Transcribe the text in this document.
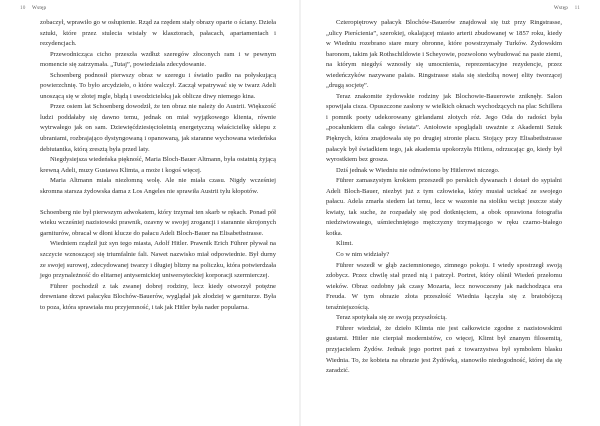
10 Wstęp

zobaczył, wprawiło go w osłupienie. Rząd za rzędem stały obrazy oparte o ściany. Dzieła sztuki, które przez stulecia wisiały w klasztorach, pałacach, apartamentach i rezydencjach.

Przewodnicząca cicho przeszła wzdłuż szeregów złoconych ram i w pewnym momencie się zatrzymała. „Tutaj”, powiedziała zdecydowanie.

Schoenberg podnosił pierwszy obraz w szeregu i światło padło na połyskującą powierzchnię. To było arcydzieło, o które walczył. Zaczął wpatrywać się w twarz Adeli unoszącą się w złotej mgle, błądą i uwodzicielską jak oblicze diwy niemego kina.

Przez osiem lat Schoenberg dowodził, że ten obraz nie należy do Austrii. Większość ludzi poddałaby się dawno temu, jednak on miał wyjątkowego klienta, równie wytrwałego jak on sam. Dziewięćdziesięcioletnią energetyczną właścicielkę sklepu z ubraniami, rozbrajająco dystyngowaną i opanowaną, jak staranne wychowana wiedeńska debiutantka, którą zresztą była przed laty.

Niegdysiejsza wiedeńska piękność, Maria Bloch-Bauer Altmann, była ostatnią żyjącą krewną Adeli, muzy Gustawa Klimta, a może i kogoś więcej.

Maria Altmann miała niezłomną wolę. Ale nie miała czasu. Nigdy wcześniej skromna starsza żydowska dama z Los Angeles nie sprawiła Austrii tylu kłopotów.

Schoenberg nie był pierwszym adwokatem, który trzymał ten skarb w rękach. Ponad pół wieku wcześniej nazistowski prawnik, ozavny w swojej zrogancji i starannie skrojonych garniturów, obracał w dłoni klucze do pałacu Adeli Bloch-Bauer na Elisabethstrasse.

Wiedniem rządził już syn tego miasta, Adolf Hitler. Prawnik Erich Führer pływał na szczycie wznoszącej się triumfalnie fali. Nawet nazwisko miał odpowiednie. Był durny ze swojej surowej, zdecydowanej twarzy i długiej blizny na policzku, która potwierdzała jego przynależność do elitarnej antysemickiej uniwersyteckiej korporacji szermierczej.

Führer pochodził z tak zwanej dobrej rodziny, lecz kiedy otworzył potężne drewniane drzwi pałacyku Blochów-Bauerów, wyglądał jak złodziej w garniturze. Była to poza, która sprawiała mu przyjemność, i tak jak Hitler była nader popularna.

Wstęp 11

Czteropiętrowy pałacyk Blochów-Bauerów znajdował się tuż przy Ringstrasse, „ulicy Pierścienia”, szerokiej, okalającej miasto arterii zbudowanej w 1857 roku, kiedy w Wiedniu rozebrano stare mury obronne, które powstrzymały Turków. Żydowskim baronom, takim jak Rothschildowie i Scheyowie, pozwolono wybudować na pasie ziemi, na którym niegdyś wznosiły się umocnienia, reprezentacyjne rezydencje, przez wiedeńczyków nazywane palais. Ringstrasse stała się siedzibą nowej elity tworzącej „drugą socjetę”.

Teraz znakomite żydowskie rodziny jak Blochowie-Bauerowie zniknęły. Salon spowijała cisza. Opuszczone zasłony w wielkich oknach wychodzących na plac Schillera i pomnik poety udekorowany girlandami złotych róż. Jego Oda do radości była „pocałunkiem dla całego świata”. Aniołowie spoglądali uważnie z Akademii Sztuk Pięknych, która znajdowała się po drugiej stronie placu. Stojący przy Elisabethstrasse pałacyk był świadkiem tego, jak akademia upokorzyła Hitlera, odrzucając go, kiedy był wyrostkiem bez grosza.

Dziś jednak w Wiedniu nie odmówiono by Hitlerowi niczego.

Führer zamaszystym krokiem przeszedł po perskich dywanach i dotarł do sypialni Adeli Bloch-Bauer, niezbyt już z tym człowieka, który musiał uciekać ze swojego pałacu. Adela zmarła siedem lat temu, lecz w wazonie na stoliku wciąż jeszcze stały kwiaty, tak suche, że rozpadały się pod dotknięciem, a obok oprawiona fotografia niedziwiowatego, uśmiechniętego mężczyzny trzymającego w ręku czarno-białego kotka.

Klimt.

Co w nim widziały?

Führer wszedł w głąb zaciemnionego, zimnego pokoju. I wtedy spostrzegł swoją zdobycz. Przez chwilę stał przed nią i patrzył. Portret, który olśnił Wiedeń przełomu wieków. Obraz ozdobny jak czasy Mozarta, lecz nowoczesny jak nadchodząca era Freuda. W tym obrazie złota przeszłość Wiednia łączyła się z bratobójczą teraźniejszością.

Teraz spotykała się ze swoją przyszłością.

Führer wiedział, że dzieło Klimta nie jest całkowicie zgodne z nazistowskimi gustami. Hitler nie cierpiał modernistów, co więcej, Klimt był znanym filosemitą, przyjacielem Żydów. Jednak jego portret pań z towarzystwa był symbolem blasku Wiednia. To, że kobieta na obrazie jest Żydówką, stanowiło niedogodność, której da się zaradzić.
